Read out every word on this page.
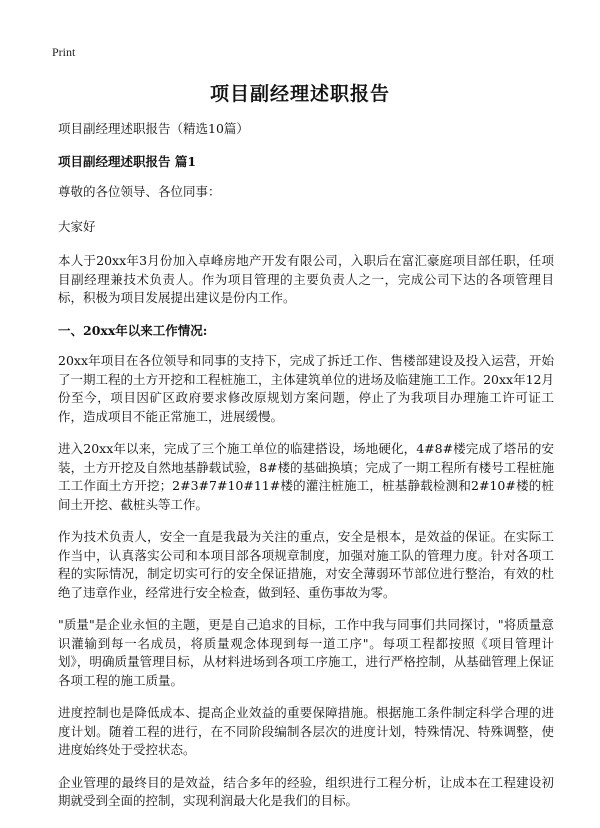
Print
项目副经理述职报告

项目副经理述职报告（精选10篇）

项目副经理述职报告 篇1

尊敬的各位领导、各位同事：

大家好

本人于20xx年3月份加入卓峰房地产开发有限公司，入职后在富汇豪庭项目部任职，任项目副经理兼技术负责人。作为项目管理的主要负责人之一，完成公司下达的各项管理目标，积极为项目发展提出建议是份内工作。

一、20xx年以来工作情况:

20xx年项目在各位领导和同事的支持下，完成了拆迁工作、售楼部建设及投入运营，开始了一期工程的土方开挖和工程桩施工，主体建筑单位的进场及临建施工工作。20xx年12月份至今，项目因矿区政府要求修改原规划方案问题，停止了为我项目办理施工许可证工作，造成项目不能正常施工，进展缓慢。

进入20xx年以来，完成了三个施工单位的临建搭设，场地硬化，4#8#楼完成了塔吊的安装，土方开挖及自然地基静载试验，8#楼的基础换填；完成了一期工程所有楼号工程桩施工工作面土方开挖；2#3#7#10#11#楼的灌注桩施工，桩基静载检测和2#10#楼的桩间土开挖、截桩头等工作。

作为技术负责人，安全一直是我最为关注的重点，安全是根本，是效益的保证。在实际工作当中，认真落实公司和本项目部各项规章制度，加强对施工队的管理力度。针对各项工程的实际情况，制定切实可行的安全保证措施，对安全薄弱环节部位进行整治，有效的杜绝了违章作业，经常进行安全检查，做到轻、重伤事故为零。

"质量"是企业永恒的主题，更是自己追求的目标，工作中我与同事们共同探讨，"将质量意识灌输到每一名成员，将质量观念体现到每一道工序"。每项工程都按照《项目管理计划》，明确质量管理目标，从材料进场到各项工序施工，进行严格控制，从基础管理上保证各项工程的施工质量。

进度控制也是降低成本、提高企业效益的重要保障措施。根据施工条件制定科学合理的进度计划。随着工程的进行，在不同阶段编制各层次的进度计划，特殊情况、特殊调整，使进度始终处于受控状态。

企业管理的最终目的是效益，结合多年的经验，组织进行工程分析，让成本在工程建设初期就受到全面的控制，实现利润最大化是我们的目标。
